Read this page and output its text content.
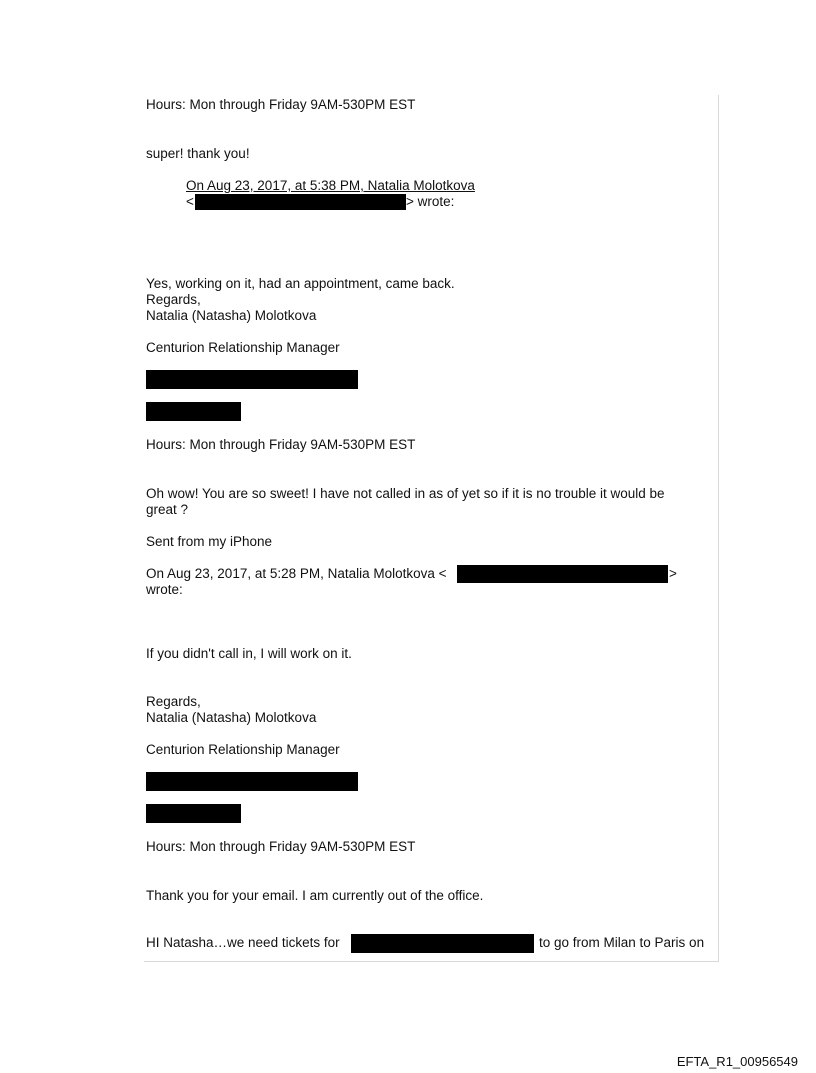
Hours: Mon through Friday 9AM-530PM EST
super! thank you!
On Aug 23, 2017, at 5:38 PM, Natalia Molotkova
<	> wrote:
Yes, working on it, had an appointment, came back.
Regards,
Natalia (Natasha) Molotkova
Centurion Relationship Manager
Hours: Mon through Friday 9AM-530PM EST
Oh wow! You are so sweet! I have not called in as of yet so if it is no trouble it would be
great ?
Sent from my iPhone
On Aug 23, 2017, at 5:28 PM, Natalia Molotkova <	>
wrote:
If you didn't call in, I will work on it.
Regards,
Natalia (Natasha) Molotkova
Centurion Relationship Manager
Hours: Mon through Friday 9AM-530PM EST
Thank you for your email. I am currently out of the office.
HI Natasha…we need tickets for	to go from Milan to Paris on
EFTA_R1_00956549
